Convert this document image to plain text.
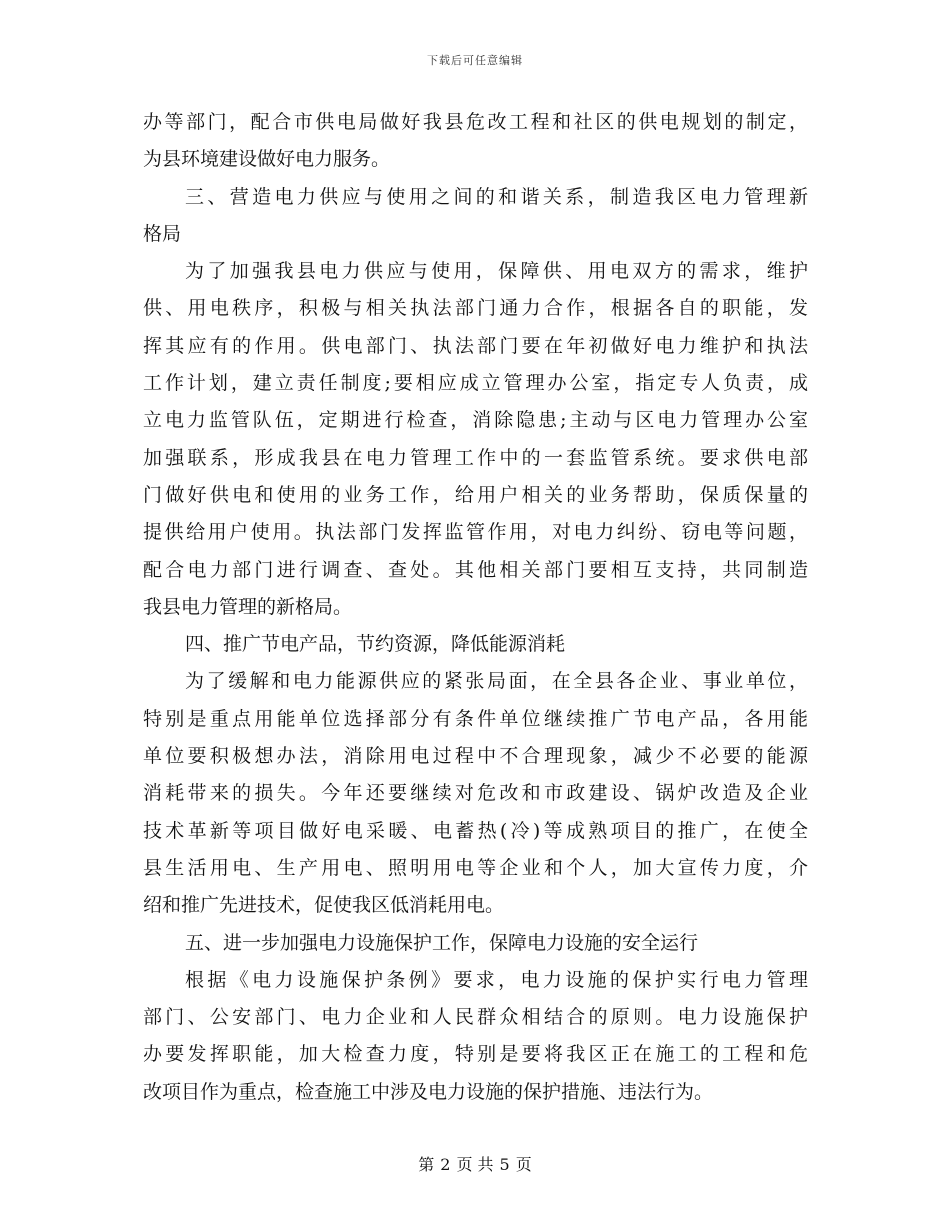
下载后可任意编辑
办等部门，配合市供电局做好我县危改工程和社区的供电规划的制定，
为县环境建设做好电力服务。
三、营造电力供应与使用之间的和谐关系，制造我区电力管理新
格局
为了加强我县电力供应与使用，保障供、用电双方的需求，维护
供、用电秩序，积极与相关执法部门通力合作，根据各自的职能，发
挥其应有的作用。供电部门、执法部门要在年初做好电力维护和执法
工作计划，建立责任制度;要相应成立管理办公室，指定专人负责，成
立电力监管队伍，定期进行检查，消除隐患;主动与区电力管理办公室
加强联系，形成我县在电力管理工作中的一套监管系统。要求供电部
门做好供电和使用的业务工作，给用户相关的业务帮助，保质保量的
提供给用户使用。执法部门发挥监管作用，对电力纠纷、窃电等问题，
配合电力部门进行调查、查处。其他相关部门要相互支持，共同制造
我县电力管理的新格局。
四、推广节电产品，节约资源，降低能源消耗
为了缓解和电力能源供应的紧张局面，在全县各企业、事业单位，
特别是重点用能单位选择部分有条件单位继续推广节电产品，各用能
单位要积极想办法，消除用电过程中不合理现象，减少不必要的能源
消耗带来的损失。今年还要继续对危改和市政建设、锅炉改造及企业
技术革新等项目做好电采暖、电蓄热(冷)等成熟项目的推广，在使全
县生活用电、生产用电、照明用电等企业和个人，加大宣传力度，介
绍和推广先进技术，促使我区低消耗用电。
五、进一步加强电力设施保护工作，保障电力设施的安全运行
根据《电力设施保护条例》要求，电力设施的保护实行电力管理
部门、公安部门、电力企业和人民群众相结合的原则。电力设施保护
办要发挥职能，加大检查力度，特别是要将我区正在施工的工程和危
改项目作为重点，检查施工中涉及电力设施的保护措施、违法行为。
第 2 页 共 5 页
